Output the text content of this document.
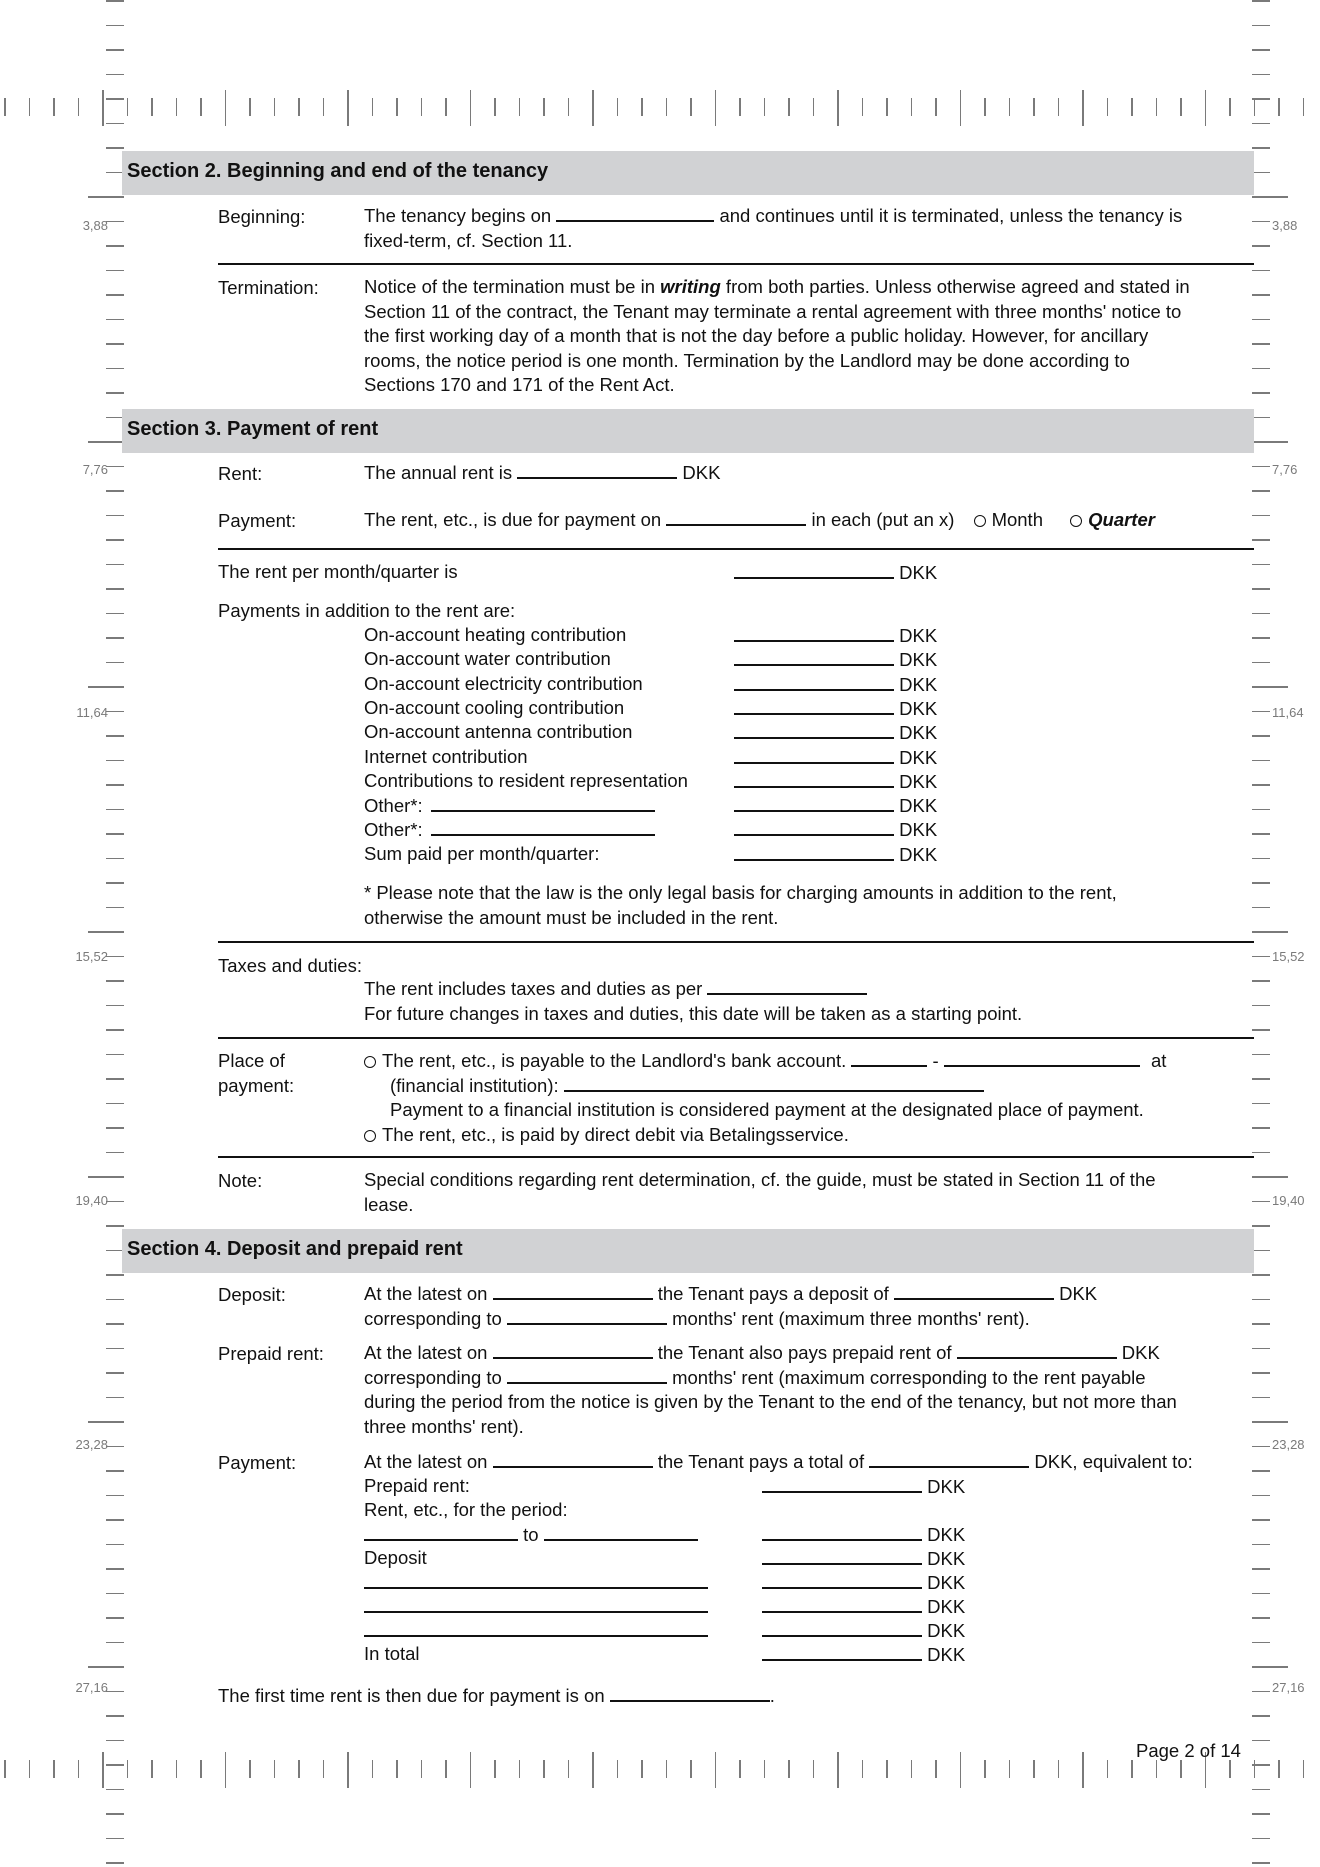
3,88
7,76
11,64
15,52
19,40
23,28
27,16
3,88
7,76
11,64
15,52
19,40
23,28
27,16
Section 2. Beginning and end of the tenancy
Beginning:	The tenancy begins on	and continues until it is terminated, unless the tenancy is
fixed-term, cf. Section 11.
Termination: Notice of the termination must be in writing from both parties. Unless otherwise agreed and stated in
Section 11 of the contract, the Tenant may terminate a rental agreement with three months' notice to
the first working day of a month that is not the day before a public holiday. However, for ancillary
rooms, the notice period is one month. Termination by the Landlord may be done according to
Sections 170 and 171 of the Rent Act.
Section 3. Payment of rent
Rent:	The annual rent is	DKK
Payment:	The rent, etc., is due for payment on	in each (put an x) Month Quarter
The rent per month/quarter is	DKK
Payments in addition to the rent are:
On-account heating contribution	DKK
On-account water contribution	DKK
On-account electricity contribution	DKK
On-account cooling contribution	DKK
On-account antenna contribution	DKK
Internet contribution	DKK
Contributions to resident representation	DKK
Other*:	DKK
Other*:	DKK
Sum paid per month/quarter:	DKK
* Please note that the law is the only legal basis for charging amounts in addition to the rent,
otherwise the amount must be included in the rent.
Taxes and duties:
The rent includes taxes and duties as per
For future changes in taxes and duties, this date will be taken as a starting point.
Place of
payment:
The rent, etc., is payable to the Landlord's bank account.	-	at
(financial institution):
Payment to a financial institution is considered payment at the designated place of payment.
The rent, etc., is paid by direct debit via Betalingsservice.
Note:	Special conditions regarding rent determination, cf. the guide, must be stated in Section 11 of the
lease.
Section 4. Deposit and prepaid rent
Deposit:	At the latest on	the Tenant pays a deposit of	DKK
corresponding to	months' rent (maximum three months' rent).
Prepaid rent: At the latest on	the Tenant also pays prepaid rent of	DKK
corresponding to	months' rent (maximum corresponding to the rent payable
during the period from the notice is given by the Tenant to the end of the tenancy, but not more than
three months' rent).
Payment:	At the latest on	the Tenant pays a total of	DKK, equivalent to:
Prepaid rent:	DKK
Rent, etc., for the period:
to	DKK
Deposit	DKK
DKK
DKK
DKK
In total	DKK
The first time rent is then due for payment is on	.
Page 2 of 14
